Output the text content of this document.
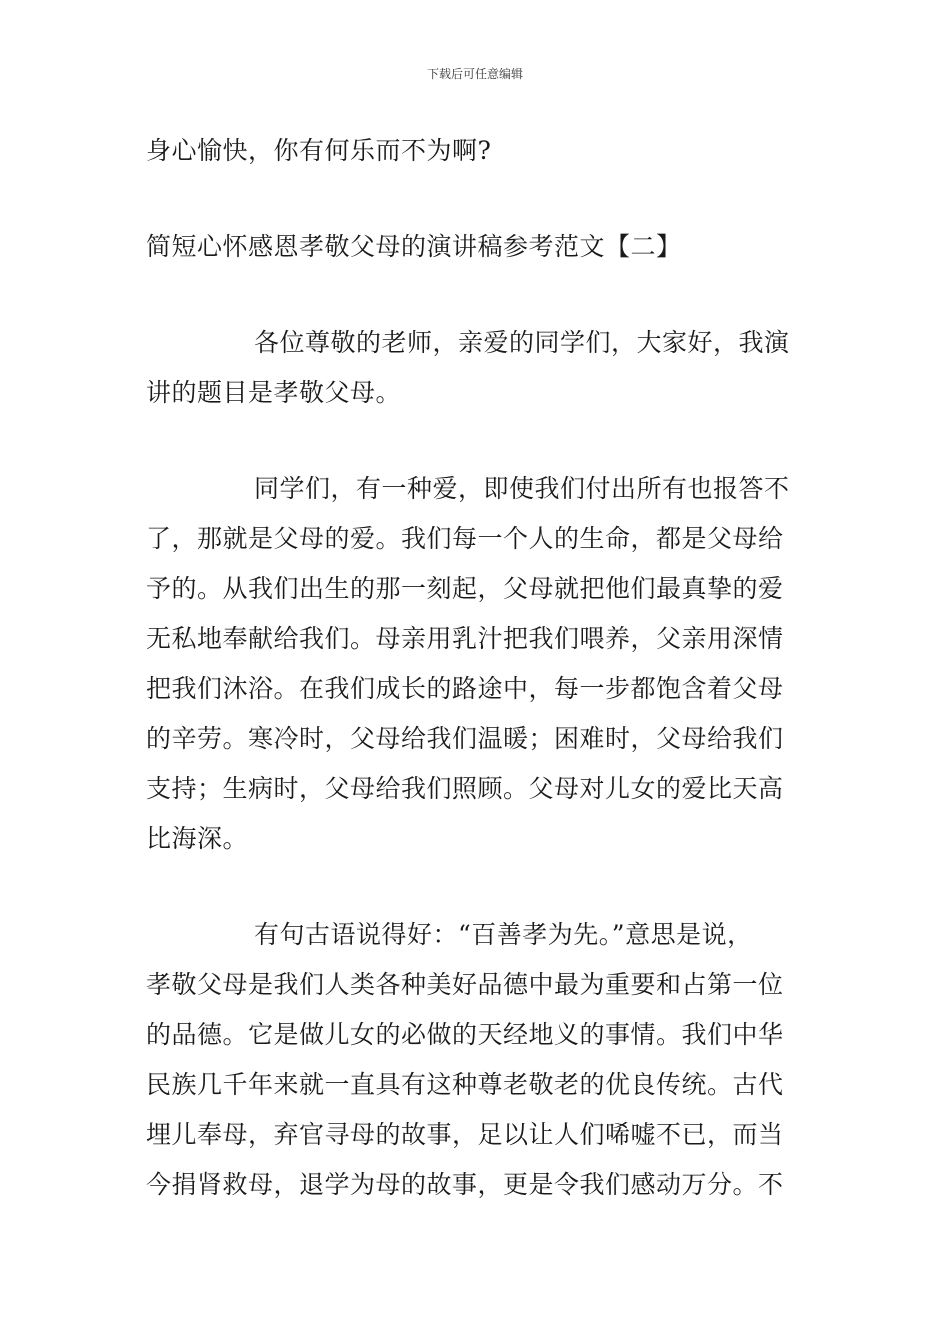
下载后可任意编辑
身心愉快，你有何乐而不为啊?
简短心怀感恩孝敬父母的演讲稿参考范文【二】
各位尊敬的老师，亲爱的同学们，大家好，我演
讲的题目是孝敬父母。
同学们，有一种爱，即使我们付出所有也报答不
了，那就是父母的爱。我们每一个人的生命，都是父母给
予的。从我们出生的那一刻起，父母就把他们最真挚的爱
无私地奉献给我们。母亲用乳汁把我们喂养，父亲用深情
把我们沐浴。在我们成长的路途中，每一步都饱含着父母
的辛劳。寒冷时，父母给我们温暖；困难时，父母给我们
支持；生病时，父母给我们照顾。父母对儿女的爱比天高
比海深。
有句古语说得好：“百善孝为先。”意思是说，
孝敬父母是我们人类各种美好品德中最为重要和占第一位
的品德。它是做儿女的必做的天经地义的事情。我们中华
民族几千年来就一直具有这种尊老敬老的优良传统。古代
埋儿奉母，弃官寻母的故事，足以让人们唏嘘不已，而当
今捐肾救母，退学为母的故事，更是令我们感动万分。不
